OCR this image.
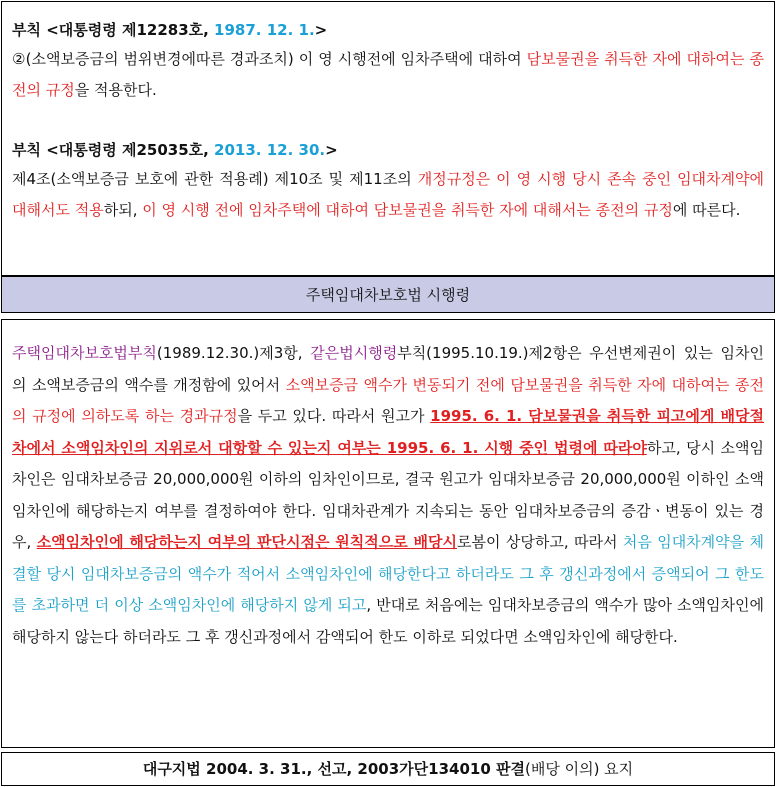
부칙 <대통령령 제12283호, 1987. 12. 1.>
②(소액보증금의 범위변경에따른 경과조치) 이 영 시행전에 임차주택에 대하여 담보물권을 취득한 자에 대하여는 종전의 규정을 적용한다.
부칙 <대통령령 제25035호, 2013. 12. 30.>
제4조(소액보증금 보호에 관한 적용례) 제10조 및 제11조의 개정규정은 이 영 시행 당시 존속 중인 임대차계약에 대해서도 적용하되, 이 영 시행 전에 임차주택에 대하여 담보물권을 취득한 자에 대해서는 종전의 규정에 따른다.
주택임대차보호법 시행령
주택임대차보호법부칙(1989.12.30.)제3항, 같은법시행령부칙(1995.10.19.)제2항은 우선변제권이 있는 임차인의 소액보증금의 액수를 개정함에 있어서 소액보증금 액수가 변동되기 전에 담보물권을 취득한 자에 대하여는 종전의 규정에 의하도록 하는 경과규정을 두고 있다. 따라서 원고가 1995. 6. 1. 담보물권을 취득한 피고에게 배당절차에서 소액임차인의 지위로서 대항할 수 있는지 여부는 1995. 6. 1. 시행 중인 법령에 따라야하고, 당시 소액임차인은 임대차보증금 20,000,000원 이하의 임차인이므로, 결국 원고가 임대차보증금 20,000,000원 이하인 소액임차인에 해당하는지 여부를 결정하여야 한다. 임대차관계가 지속되는 동안 임대차보증금의 증감ㆍ변동이 있는 경우, 소액임차인에 해당하는지 여부의 판단시점은 원칙적으로 배당시로봄이 상당하고, 따라서 처음 임대차계약을 체결할 당시 임대차보증금의 액수가 적어서 소액임차인에 해당한다고 하더라도 그 후 갱신과정에서 증액되어 그 한도를 초과하면 더 이상 소액임차인에 해당하지 않게 되고, 반대로 처음에는 임대차보증금의 액수가 많아 소액임차인에 해당하지 않는다 하더라도 그 후 갱신과정에서 감액되어 한도 이하로 되었다면 소액임차인에 해당한다.
대구지법 2004. 3. 31., 선고, 2003가단134010 판결(배당 이의) 요지
